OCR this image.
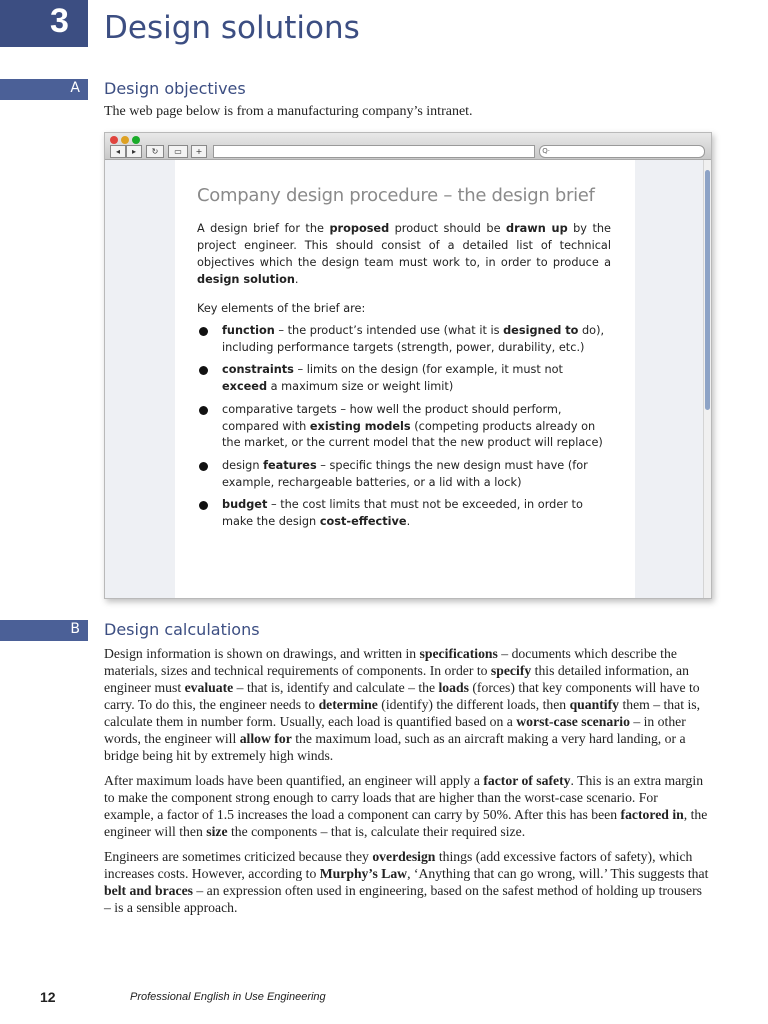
3 Design solutions
A Design objectives
The web page below is from a manufacturing company’s intranet.
◂	▸	↻	▭	+	Q·
Company design procedure – the design brief

A design brief for the proposed product should be drawn up by the project engineer. This should consist of a detailed list of technical objectives which the design team must work to, in order to produce a design solution.

Key elements of the brief are:

function – the product’s intended use (what it is designed to do), including performance targets (strength, power, durability, etc.)
constraints – limits on the design (for example, it must not exceed a maximum size or weight limit)
comparative targets – how well the product should perform, compared with existing models (competing products already on the market, or the current model that the new product will replace)
design features – specific things the new design must have (for example, rechargeable batteries, or a lid with a lock)
budget – the cost limits that must not be exceeded, in order to make the design cost-effective.
B Design calculations

Design information is shown on drawings, and written in specifications – documents which describe the materials, sizes and technical requirements of components. In order to specify this detailed information, an engineer must evaluate – that is, identify and calculate – the loads (forces) that key components will have to carry. To do this, the engineer needs to determine (identify) the different loads, then quantify them – that is, calculate them in number form. Usually, each load is quantified based on a worst-case scenario – in other words, the engineer will allow for the maximum load, such as an aircraft making a very hard landing, or a bridge being hit by extremely high winds.

After maximum loads have been quantified, an engineer will apply a factor of safety. This is an extra margin to make the component strong enough to carry loads that are higher than the worst-case scenario. For example, a factor of 1.5 increases the load a component can carry by 50%. After this has been factored in, the engineer will then size the components – that is, calculate their required size.

Engineers are sometimes criticized because they overdesign things (add excessive factors of safety), which increases costs. However, according to Murphy’s Law, ‘Anything that can go wrong, will.’ This suggests that belt and braces – an expression often used in engineering, based on the safest method of holding up trousers – is a sensible approach.

12	Professional English in Use Engineering
